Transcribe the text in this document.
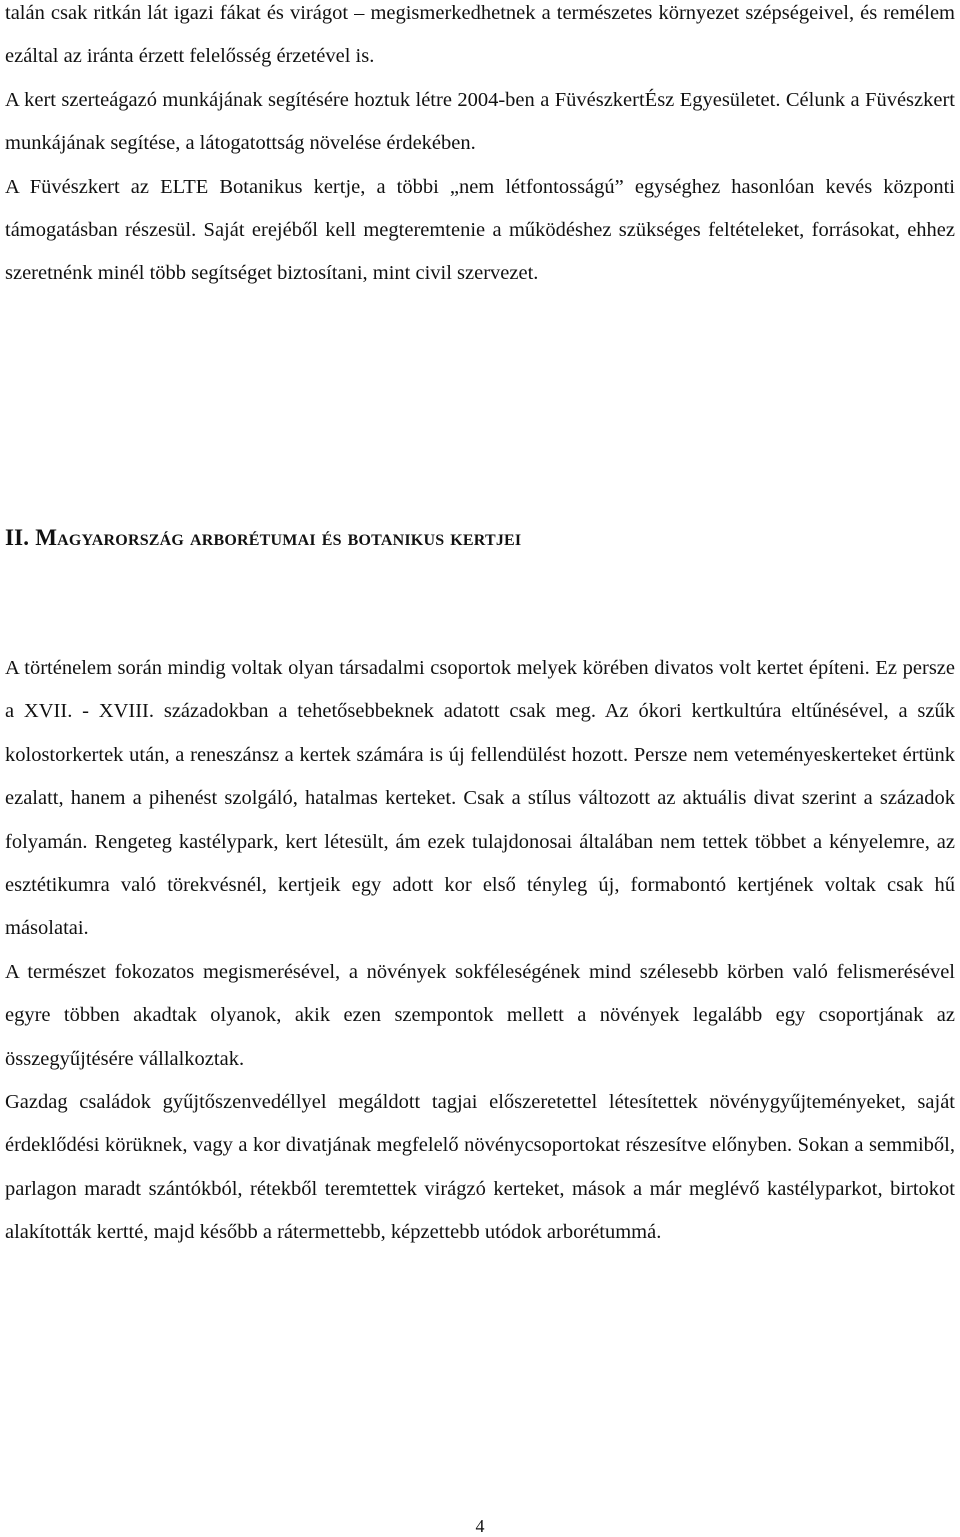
talán csak ritkán lát igazi fákat és virágot – megismerkedhetnek a természetes környezet szépségeivel, és remélem ezáltal az iránta érzett felelősség érzetével is.

A kert szerteágazó munkájának segítésére hoztuk létre 2004-ben a FüvészkertÉsz Egyesületet. Célunk a Füvészkert munkájának segítése, a látogatottság növelése érdekében.

A Füvészkert az ELTE Botanikus kertje, a többi „nem létfontosságú” egységhez hasonlóan kevés központi támogatásban részesül. Saját erejéből kell megteremtenie a működéshez szükséges feltételeket, forrásokat, ehhez szeretnénk minél több segítséget biztosítani, mint civil szervezet.

II. Magyarország arborétumai és botanikus kertjei

A történelem során mindig voltak olyan társadalmi csoportok melyek körében divatos volt kertet építeni. Ez persze a XVII. - XVIII. századokban a tehetősebbeknek adatott csak meg. Az ókori kertkultúra eltűnésével, a szűk kolostorkertek után, a reneszánsz a kertek számára is új fellendülést hozott. Persze nem veteményeskerteket értünk ezalatt, hanem a pihenést szolgáló, hatalmas kerteket. Csak a stílus változott az aktuális divat szerint a századok folyamán. Rengeteg kastélypark, kert létesült, ám ezek tulajdonosai általában nem tettek többet a kényelemre, az esztétikumra való törekvésnél, kertjeik egy adott kor első tényleg új, formabontó kertjének voltak csak hű másolatai.

A természet fokozatos megismerésével, a növények sokféleségének mind szélesebb körben való felismerésével egyre többen akadtak olyanok, akik ezen szempontok mellett a növények legalább egy csoportjának az összegyűjtésére vállalkoztak.

Gazdag családok gyűjtőszenvedéllyel megáldott tagjai előszeretettel létesítettek növénygyűjteményeket, saját érdeklődési körüknek, vagy a kor divatjának megfelelő növénycsoportokat részesítve előnyben. Sokan a semmiből, parlagon maradt szántókból, rétekből teremtettek virágzó kerteket, mások a már meglévő kastélyparkot, birtokot alakították kertté, majd később a rátermettebb, képzettebb utódok arborétummá.

4
